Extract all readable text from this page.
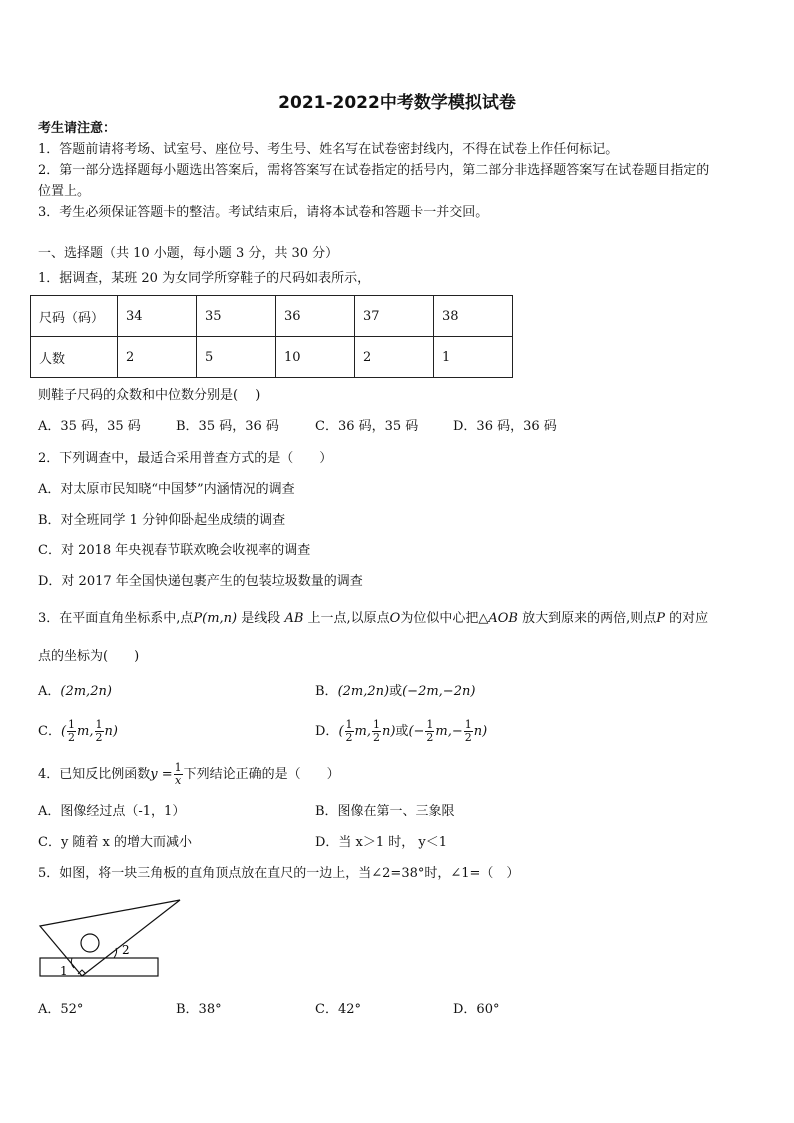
2021-2022中考数学模拟试卷
考生请注意：
1．答题前请将考场、试室号、座位号、考生号、姓名写在试卷密封线内，不得在试卷上作任何标记。
2．第一部分选择题每小题选出答案后，需将答案写在试卷指定的括号内，第二部分非选择题答案写在试卷题目指定的
位置上。
3．考生必须保证答题卡的整洁。考试结束后，请将本试卷和答题卡一并交回。
一、选择题（共 10 小题，每小题 3 分，共 30 分）
1．据调查，某班 20 为女同学所穿鞋子的尺码如表所示，
尺码（码）	34	35	36	37	38
人数	2	5	10	2	1
则鞋子尺码的众数和中位数分别是(　 )
A．35 码，35 码	B．35 码，36 码	C．36 码，35 码	D．36 码，36 码
2．下列调查中，最适合采用普查方式的是（　　）
A．对太原市民知晓“中国梦”内涵情况的调查
B．对全班同学 1 分钟仰卧起坐成绩的调查
C．对 2018 年央视春节联欢晚会收视率的调查
D．对 2017 年全国快递包裹产生的包装垃圾数量的调查
3．在平面直角坐标系中,点P(m,n) 是线段 AB 上一点,以原点O为位似中心把△AOB 放大到原来的两倍,则点P 的对应
点的坐标为(　　)
A．(2m,2n)	B．(2m,2n)或(−2m,−2n)
C．( $\frac{1}{2} m$, $\frac{1}{2} n$)	D．( $\frac{1}{2} m$, $\frac{1}{2} n$)或(− $\frac{1}{2} m,- \frac{1}{2} n$)
4．已知反比例函数$y = \frac{1}{x}$ 下列结论正确的是（　　）
A．图像经过点（-1，1）	B．图像在第一、三象限
C．y 随着 x 的增大而减小	D．当 x＞1 时， y＜1
5．如图，将一块三角板的直角顶点放在直尺的一边上，当∠2=38°时，∠1=（　）
1
2
A．52°	B．38°	C．42°	D．60°
